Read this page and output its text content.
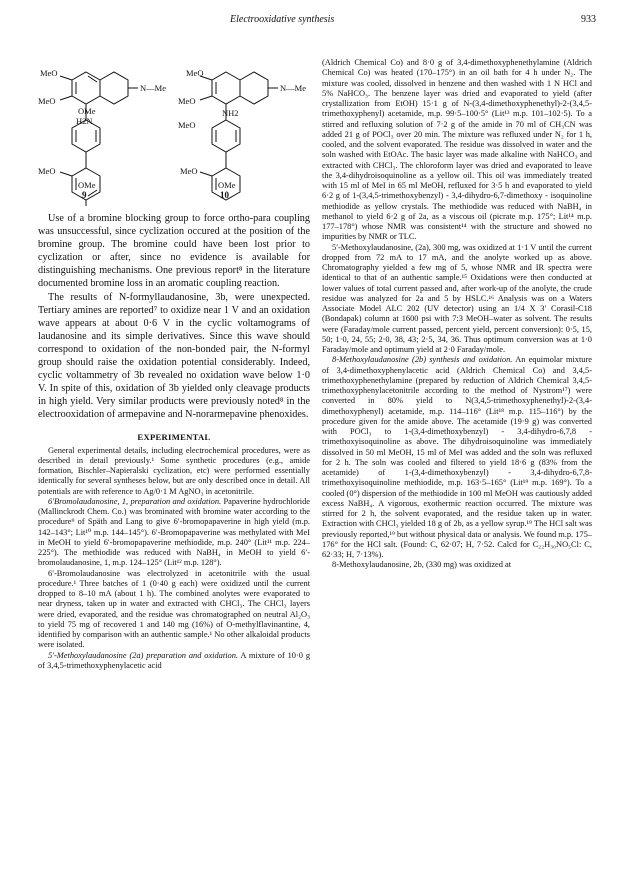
Electrooxidative synthesis	933
MeO
MeO
OMe
H2N
N—Me
MeO
OMe
MeO
MeO
NH2
MeO
N—Me
MeO
OMe
9	10

Use of a bromine blocking group to force ortho-para coupling was unsuccessful, since cyclization occured at the position of the bromine group. The bromine could have been lost prior to cyclization or after, since no evidence is available for distinguishing mechanisms. One previous report⁸ in the literature documented bromine loss in an aromatic coupling reaction.

The results of N-formyllaudanosine, 3b, were unexpected. Tertiary amines are reported⁷ to oxidize near 1 V and an oxidation wave appears at about 0·6 V in the cyclic voltamograms of laudanosine and its simple derivatives. Since this wave should correspond to oxidation of the non-bonded pair, the N-formyl group should raise the oxidation potential considerably. Indeed, cyclic voltammetry of 3b revealed no oxidation wave below 1·0 V. In spite of this, oxidation of 3b yielded only cleavage products in high yield. Very similar products were previously noted⁸ in the electrooxidation of armepavine and N-norarmepavine phenoxides.

EXPERIMENTAL

General experimental details, including electrochemical procedures, were as described in detail previously.¹ Some synthetic procedures (e.g., amide formation, Bischler–Napieralski cyclization, etc) were performed essentially identically for several syntheses below, but are only described once in detail. All potentials are with reference to Ag/0·1 M AgNO₃ in acetonitrile.

6′Bromolaudanosine, 1, preparation and oxidation. Papaverine hydrochloride (Mallinckrodt Chem. Co.) was brominated with bromine water according to the procedure⁹ of Späth and Lang to give 6′-bromopapaverine in high yield (m.p. 142–143°; Lit¹⁰ m.p. 144–145°). 6′-Bromopapaverine was methylated with MeI in MeOH to yield 6′-bromopapaverine methiodide, m.p. 240° (Lit¹¹ m.p. 224–225°). The methiodide was reduced with NaBH₄ in MeOH to yield 6′-bromolaudanosine, 1, m.p. 124–125° (Lit¹² m.p. 128°).

6′-Bromolaudanosine was electrolyzed in acetonitrile with the usual procedure.¹ Three batches of 1 (0·40 g each) were oxidized until the current dropped to 8–10 mA (about 1 h). The combined anolytes were evaporated to near dryness, taken up in water and extracted with CHCl₃. The CHCl₃ layers were dried, evaporated, and the residue was chromatographed on neutral Al₂O₃ to yield 75 mg of recovered 1 and 140 mg (16%) of O-methylflavinantine, 4, identified by comparison with an authentic sample.¹ No other alkaloidal products were isolated.

5′-Methoxylaudanosine (2a) preparation and oxidation. A mixture of 10·0 g of 3,4,5-trimethoxyphenylacetic acid

(Aldrich Chemical Co) and 8·0 g of 3,4-dimethoxyphenethylamine (Aldrich Chemical Co) was heated (170–175°) in an oil bath for 4 h under N₂. The mixture was cooled, dissolved in benzene and then washed with 1 N HCl and 5% NaHCO₃. The benzene layer was dried and evaporated to yield (after crystallization from EtOH) 15·1 g of N-(3,4-dimethoxyphenethyl)-2-(3,4,5-trimethoxyphenyl) acetamide, m.p. 99·5–100·5° (Lit¹³ m.p. 101–102·5). To a stirred and refluxing solution of 7·2 g of the amide in 70 ml of CH₃CN was added 21 g of POCl₃ over 20 min. The mixture was refluxed under N₂ for 1 h, cooled, and the solvent evaporated. The residue was dissolved in water and the soln washed with EtOAc. The basic layer was made alkaline with NaHCO₃ and extracted with CHCl₃. The chloroform layer was dried and evaporated to leave the 3,4-dihydroisoquinoline as a yellow oil. This oil was immediately treated with 15 ml of MeI in 65 ml MeOH, refluxed for 3·5 h and evaporated to yield 6·2 g of 1-(3,4,5-trimethoxybenzyl) - 3,4-dihydro-6,7-dimethoxy - isoquinoline methiodide as yellow crystals. The methiodide was reduced with NaBH₄ in methanol to yield 6·2 g of 2a, as a viscous oil (picrate m.p. 175°; Lit¹⁴ m.p. 177–178°) whose NMR was consistent¹⁴ with the structure and showed no impurities by NMR or TLC.

5′-Methoxylaudanosine, (2a), 300 mg, was oxidized at 1·1 V until the current dropped from 72 mA to 17 mA, and the anolyte worked up as above. Chromatography yielded a few mg of 5, whose NMR and IR spectra were identical to that of an authentic sample.¹⁵ Oxidations were then conducted at lower values of total current passed and, after work-up of the anolyte, the crude residue was analyzed for 2a and 5 by HSLC.¹⁶ Analysis was on a Waters Associate Model ALC 202 (UV detector) using an 1/4 X 3′ Corasil-C18 (Bondapak) column at 1600 psi with 7:3 MeOH–water as solvent. The results were (Faraday/mole current passed, percent yield, percent conversion): 0·5, 15, 50; 1·0, 24, 55; 2·0, 38, 43; 2·5, 34, 36. Thus optimum conversion was at 1·0 Faraday/mole and optimum yield at 2·0 Faraday/mole.

8-Methoxylaudanosine (2b) synthesis and oxidation. An equimolar mixture of 3,4-dimethoxyphenylacetic acid (Aldrich Chemical Co) and 3,4,5-trimethoxyphenethylamine (prepared by reduction of Aldrich Chemical 3,4,5-trimethoxyphenylacetonitrile according to the method of Nystrom¹⁷) were converted in 80% yield to N(3,4,5-trimethoxyphenethyl)-2-(3,4-dimethoxyphenyl) acetamide, m.p. 114–116° (Lit¹⁸ m.p. 115–116°) by the procedure given for the amide above. The acetamide (19·9 g) was converted with POCl₃ to 1-(3,4-dimethoxybenzyl) - 3,4-dihydro-6,7,8 - trimethoxyisoquinoline as above. The dihydroisoquinoline was immediately dissolved in 50 ml MeOH, 15 ml of MeI was added and the soln was refluxed for 2 h. The soln was cooled and filtered to yield 18·6 g (83% from the acetamide) of 1-(3,4-dimethoxybenzyl) - 3,4-dihydro-6,7,8-trimethoxyisoquinoline methiodide, m.p. 163·5–165° (Lit¹⁹ m.p. 169°). To a cooled (0°) dispersion of the methiodide in 100 ml MeOH was cautiously added excess NaBH₄. A vigorous, exothermic reaction occurred. The mixture was stirred for 2 h, the solvent evaporated, and the residue taken up in water. Extraction with CHCl₃ yielded 18 g of 2b, as a yellow syrup.¹⁹ The HCl salt was previously reported,¹⁹ but without physical data or analysis. We found m.p. 175–176° for the HCl salt. (Found: C, 62·07; H, 7·52. Calcd for C₂₂H₃₀NO₅Cl: C, 62·33; H, 7·13%).

8-Methoxylaudanosine, 2b, (330 mg) was oxidized at
